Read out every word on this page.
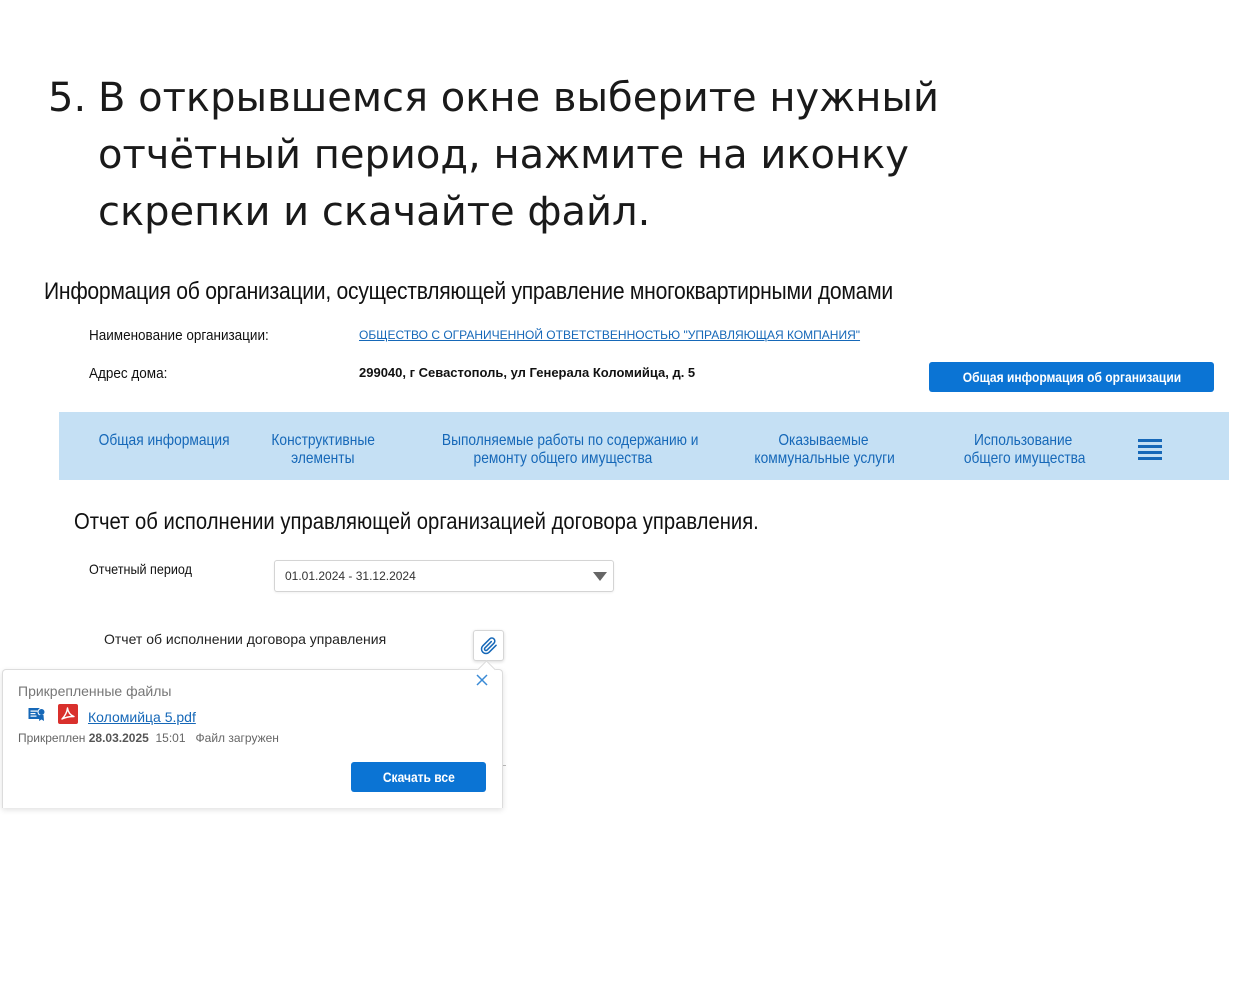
5. В открывшемся окне выберите нужный отчётный период, нажмите на иконку скрепки и скачайте файл.
Информация об организации, осуществляющей управление многоквартирными домами
Наименование организации:	ОБЩЕСТВО С ОГРАНИЧЕННОЙ ОТВЕТСТВЕННОСТЬЮ "УПРАВЛЯЮЩАЯ КОМПАНИЯ"
Адрес дома:	299040, г Севастополь, ул Генерала Коломийца, д. 5	Общая информация об организации
Общая информация	Конструктивные
элементы
Выполняемые работы по содержанию и
ремонту общего имущества
Оказываемые
коммунальные услуги
Использование
общего имущества
Отчет об исполнении управляющей организацией договора управления.
Отчетный период	01.01.2024 - 31.12.2024
Отчет об исполнении договора управления
Прикрепленные файлы
Коломийца 5.pdf
Прикреплен 28.03.2025 15:01 Файл загружен
Скачать все
